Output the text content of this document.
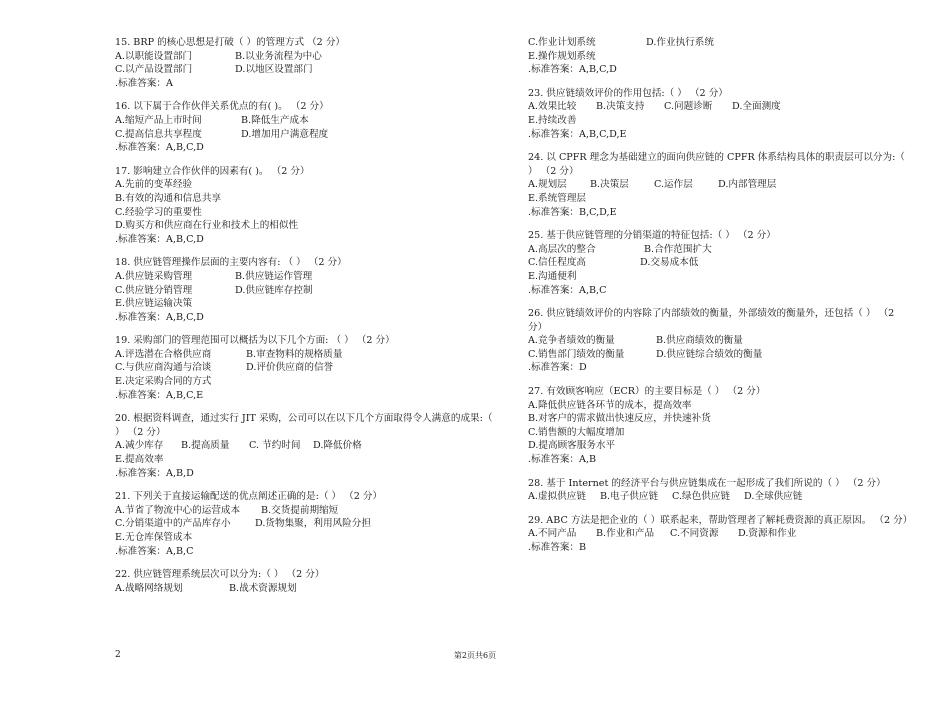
15. BRP 的核心思想是打破（ ）的管理方式 （2 分）
A.以职能设置部门	B.以业务流程为中心
C.以产品设置部门	D.以地区设置部门
.标准答案：A
16. 以下属于合作伙伴关系优点的有( )。 （2 分）
A.缩短产品上市时间	B.降低生产成本
C.提高信息共享程度	D.增加用户满意程度
.标准答案：A,B,C,D
17. 影响建立合作伙伴的因素有( )。 （2 分）
A.先前的变革经验
B.有效的沟通和信息共享
C.经验学习的重要性
D.购买方和供应商在行业和技术上的相似性
.标准答案：A,B,C,D
18. 供应链管理操作层面的主要内容有: （ ） （2 分）
A.供应链采购管理	B.供应链运作管理
C.供应链分销管理	D.供应链库存控制
E.供应链运输决策
.标准答案：A,B,C,D
19. 采购部门的管理范围可以概括为以下几个方面: （ ） （2 分）
A.评选潜在合格供应商	B.审查物料的规格质量
C.与供应商沟通与洽谈	D.评价供应商的信誉
E.决定采购合同的方式
.标准答案：A,B,C,E
20. 根据资料调查，通过实行 JIT 采购，公司可以在以下几个方面取得令人满意的成果:（ ） （2 分）
A.减少库存 B.提高质量 C. 节约时间 D.降低价格
E.提高效率
.标准答案：A,B,D
21. 下列关于直接运输配送的优点阐述正确的是:（ ） （2 分）
A.节省了物流中心的运营成本 B.交货提前期缩短
C.分销渠道中的产品库存小	D.货物集聚，利用风险分担
E.无仓库保管成本
.标准答案：A,B,C
22. 供应链管理系统层次可以分为:（ ） （2 分）
A.战略网络规划	B.战术资源规划
C.作业计划系统	D.作业执行系统
E.操作规划系统
.标准答案：A,B,C,D
23. 供应链绩效评价的作用包括:（ ） （2 分）
A.效果比较 B.决策支持 C.问题诊断 D.全面测度
E.持续改善
.标准答案：A,B,C,D,E
24. 以 CPFR 理念为基础建立的面向供应链的 CPFR 体系结构具体的职责层可以分为:（ ） （2 分）
A.规划层 B.决策层	C.运作层	D.内部管理层
E.系统管理层
.标准答案：B,C,D,E
25. 基于供应链管理的分销渠道的特征包括:（ ） （2 分）
A.高层次的整合	B.合作范围扩大
C.信任程度高	D.交易成本低
E.沟通便利
.标准答案：A,B,C
26. 供应链绩效评价的内容除了内部绩效的衡量，外部绩效的衡量外，还包括（ ） （2 分）
A.竞争者绩效的衡量	B.供应商绩效的衡量
C.销售部门绩效的衡量	D.供应链综合绩效的衡量
.标准答案：D
27. 有效顾客响应（ECR）的主要目标是（ ） （2 分）
A.降低供应链各环节的成本，提高效率
B.对客户的需求做出快速反应，并快速补货
C.销售额的大幅度增加
D.提高顾客服务水平
.标准答案：A,B
28. 基于 Internet 的经济平台与供应链集成在一起形成了我们所说的（ ） （2 分）
A.虚拟供应链 B.电子供应链 C.绿色供应链 D.全球供应链
29. ABC 方法是把企业的（ ）联系起来，帮助管理者了解耗费资源的真正原因。 （2 分）
A.不同产品 B.作业和产品 C.不同资源 D.资源和作业
.标准答案：B
2	第2页共6页
